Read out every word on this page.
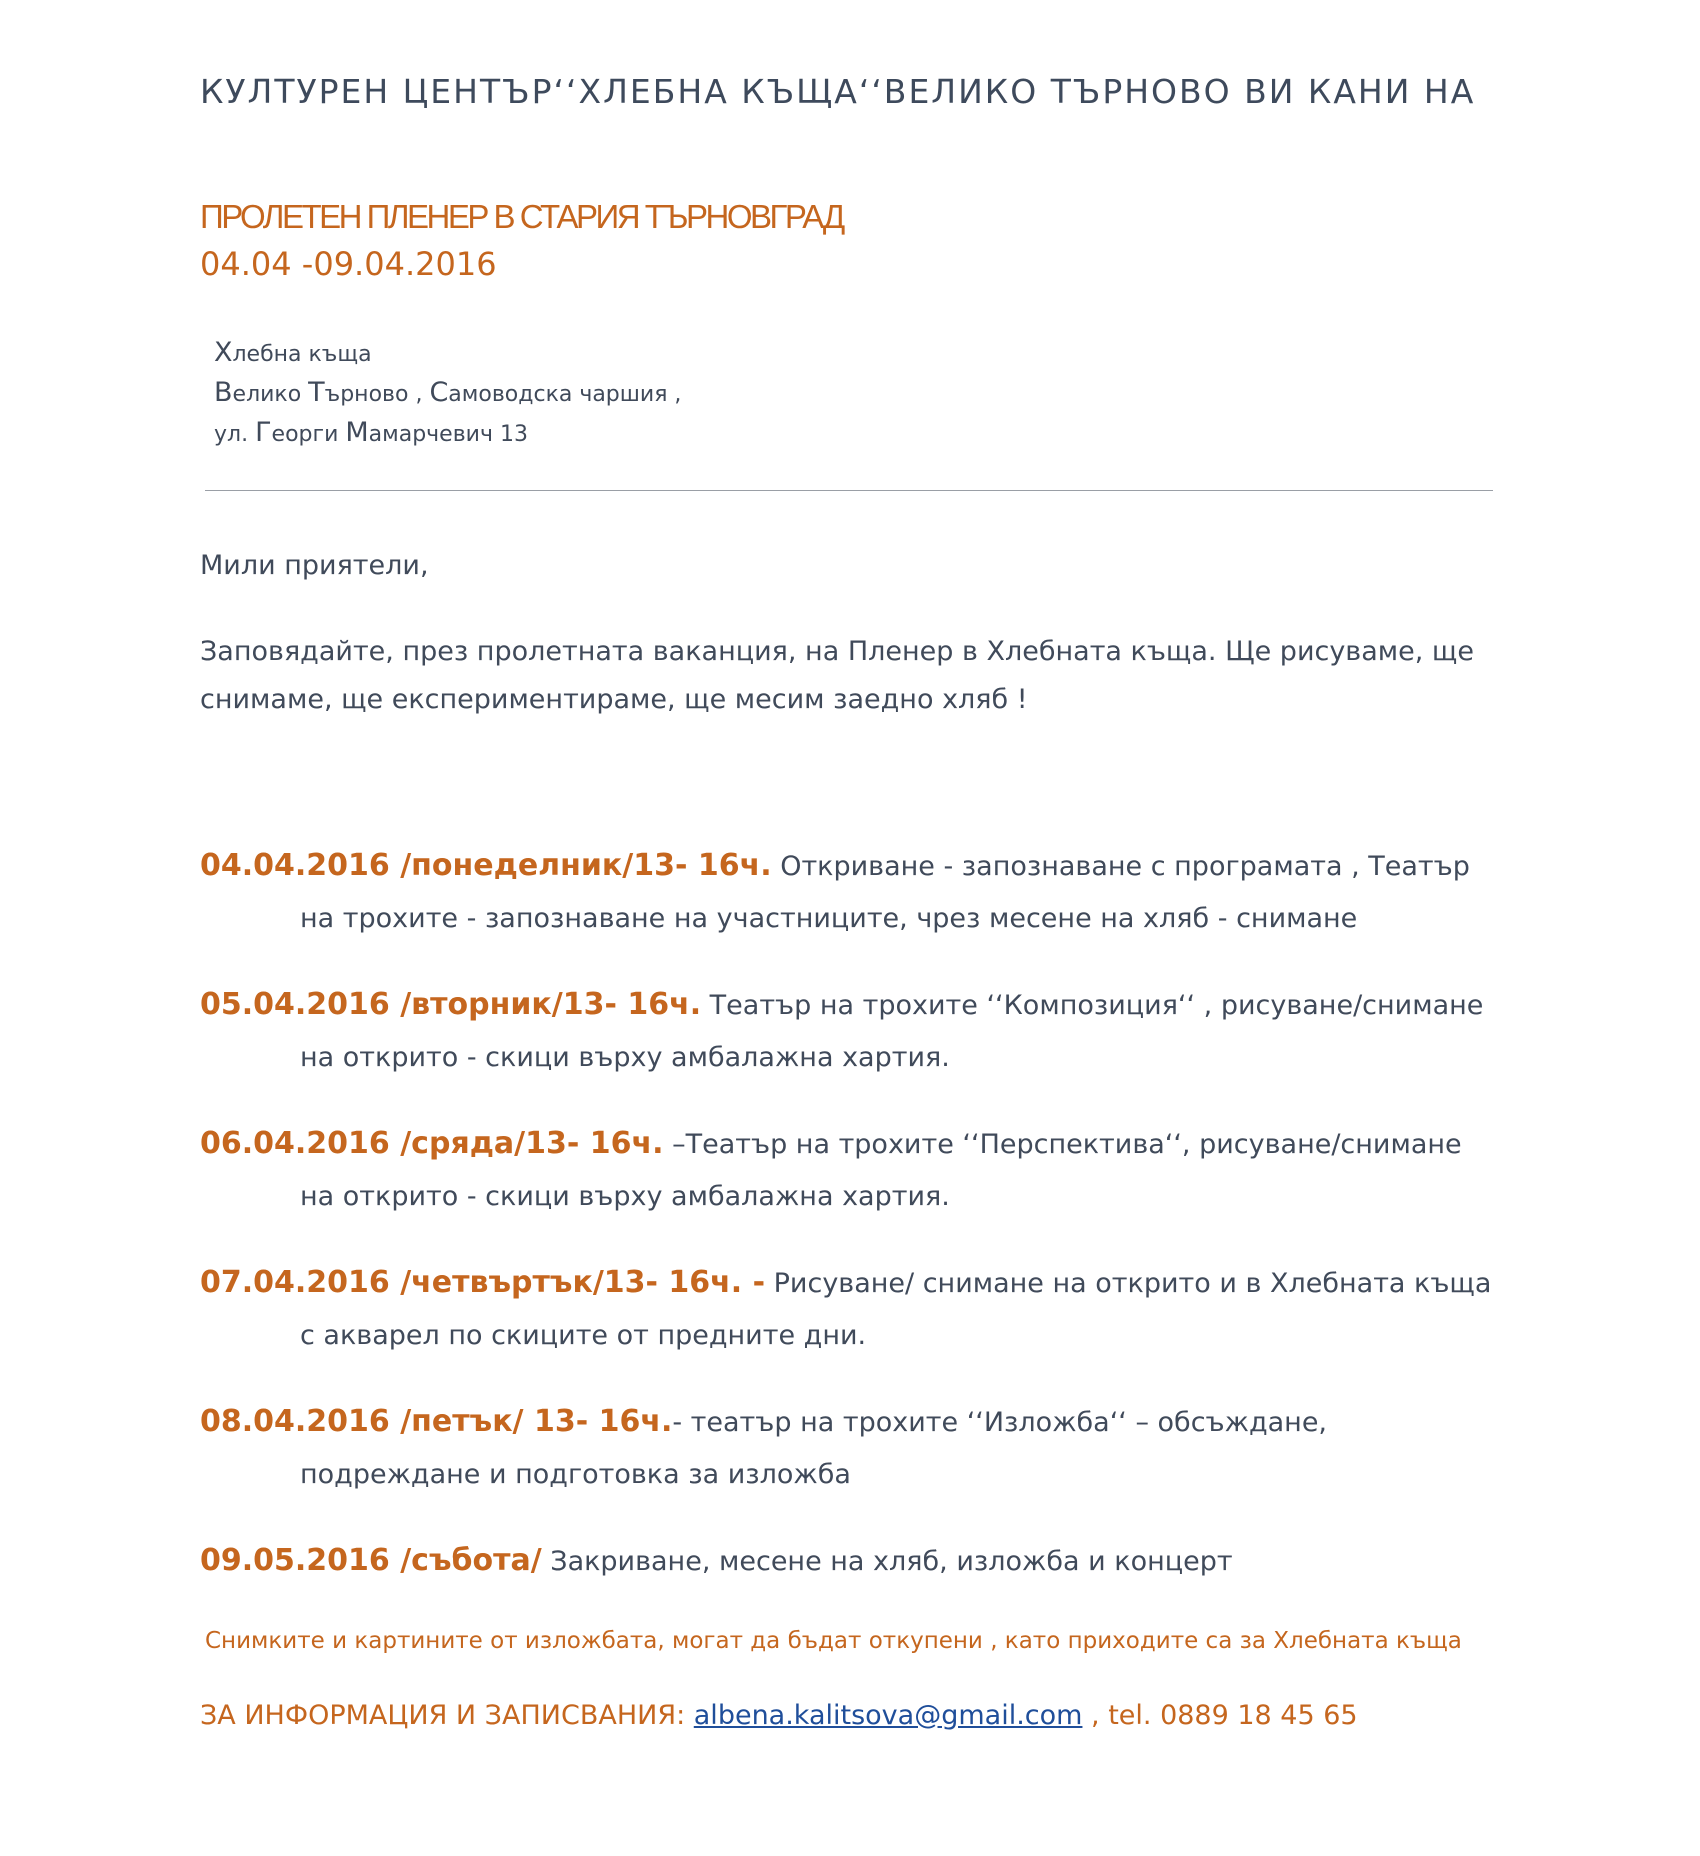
КУЛТУРЕН ЦЕНТЪР‘‘ХЛЕБНА КЪЩА‘‘ВЕЛИКО ТЪРНОВО ВИ КАНИ НА
ПРОЛЕТЕН ПЛЕНЕР В СТАРИЯ ТЪРНОВГРАД
04.04 -09.04.2016
Хлебна къща
Велико Търново , Самоводска чаршия ,
ул. Георги Мамарчевич 13
Мили приятели,
Заповядайте, през пролетната ваканция, на Пленер в Хлебната къща. Ще рисуваме, ще снимаме, ще експериментираме, ще месим заедно хляб !
04.04.2016 /понеделник/13- 16ч. Откриване - запознаване с програмата , Театър на трохите - запознаване на участниците, чрез месене на хляб - снимане
05.04.2016 /вторник/13- 16ч. Театър на трохите ‘‘Композиция‘‘ , рисуване/снимане на открито - скици върху амбалажна хартия.
06.04.2016 /сряда/13- 16ч. –Театър на трохите ‘‘Перспектива‘‘, рисуване/снимане на открито - скици върху амбалажна хартия.
07.04.2016 /четвъртък/13- 16ч. - Рисуване/ снимане на открито и в Хлебната къща с акварел по скиците от предните дни.
08.04.2016 /петък/ 13- 16ч.- театър на трохите ‘‘Изложба‘‘ – обсъждане, подреждане и подготовка за изложба
09.05.2016 /събота/ Закриване, месене на хляб, изложба и концерт
Снимките и картините от изложбата, могат да бъдат откупени , като приходите са за Хлебната къща
ЗА ИНФОРМАЦИЯ И ЗАПИСВАНИЯ: albena.kalitsova@gmail.com , tel. 0889 18 45 65
